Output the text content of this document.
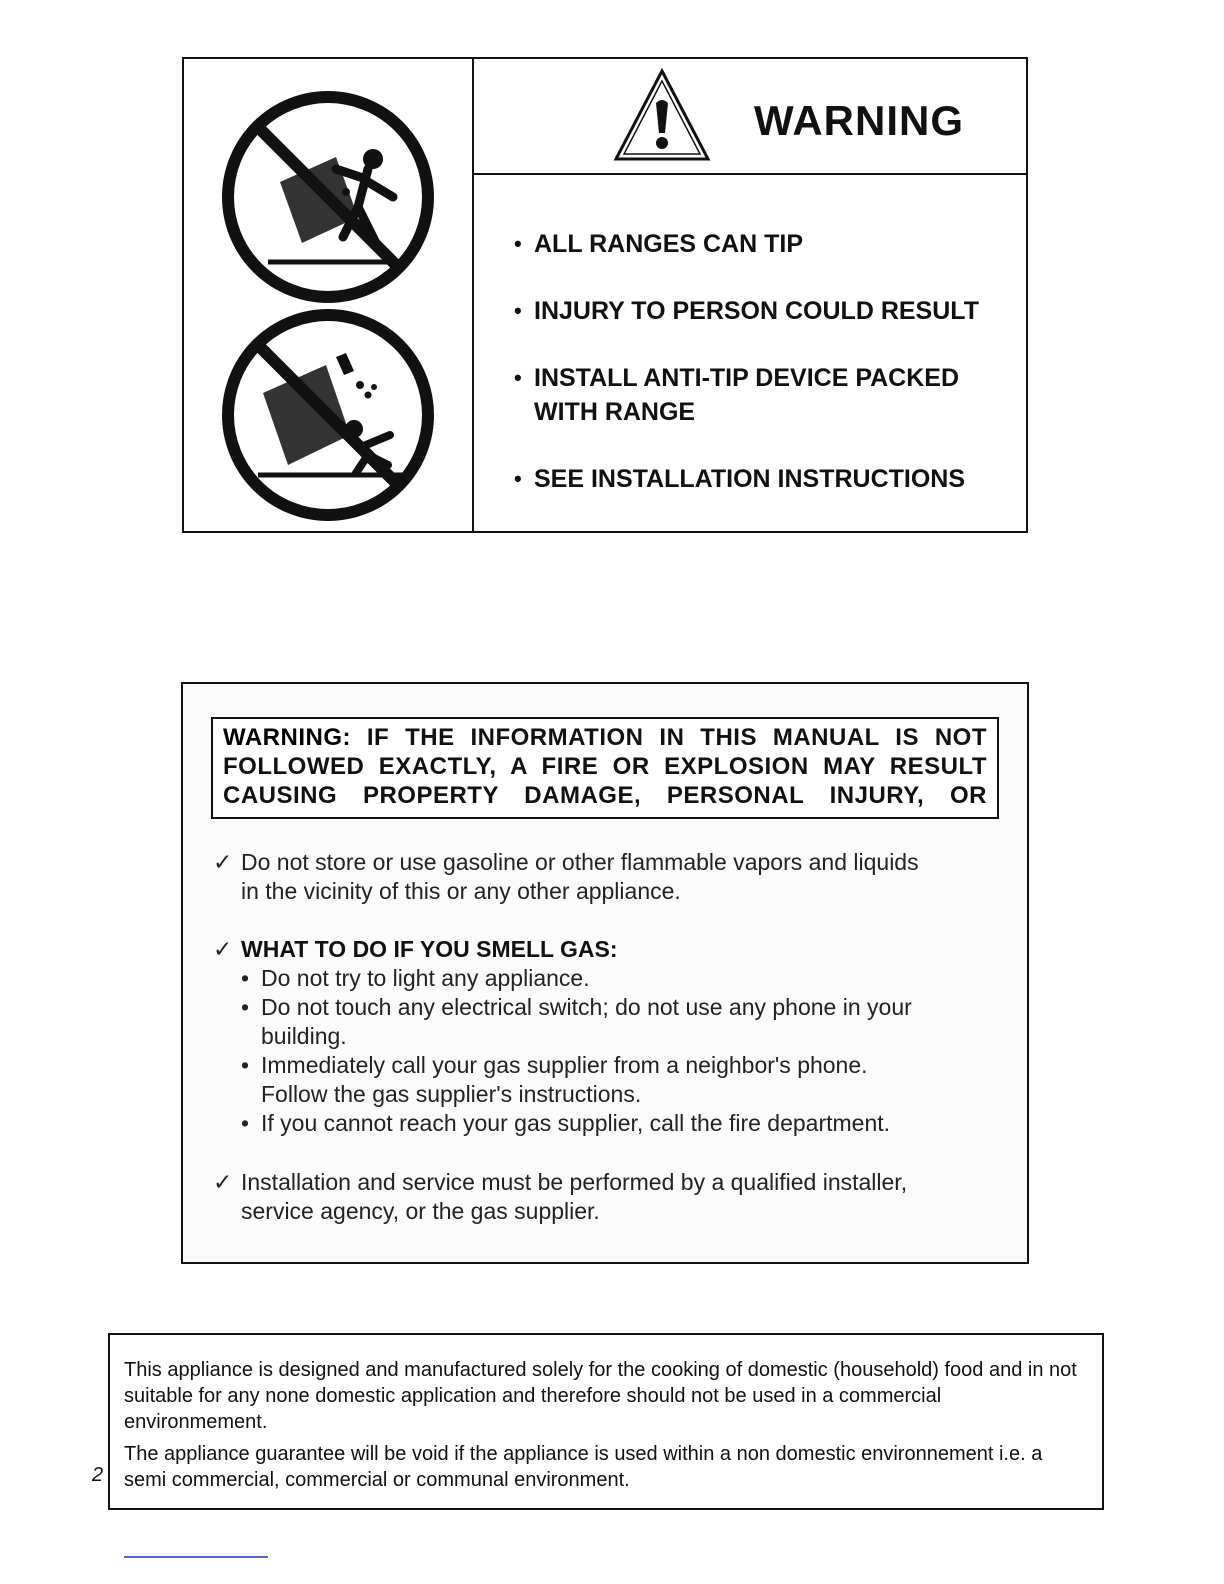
WARNING
• ALL RANGES CAN TIP
• INJURY TO PERSON COULD RESULT
• INSTALL ANTI-TIP DEVICE PACKED
WITH RANGE
• SEE INSTALLATION INSTRUCTIONS
WARNING: IF THE INFORMATION IN THIS MANUAL IS NOT
FOLLOWED EXACTLY, A FIRE OR EXPLOSION MAY RESULT
CAUSING PROPERTY DAMAGE, PERSONAL INJURY, OR
✓ Do not store or use gasoline or other flammable vapors and liquids
in the vicinity of this or any other appliance.
✓ WHAT TO DO IF YOU SMELL GAS:
• Do not try to light any appliance.
• Do not touch any electrical switch; do not use any phone in your
building.
• Immediately call your gas supplier from a neighbor's phone.
Follow the gas supplier's instructions.
• If you cannot reach your gas supplier, call the fire department.
✓ Installation and service must be performed by a qualified installer,
service agency, or the gas supplier.

This appliance is designed and manufactured solely for the cooking of domestic (household) food and in not suitable for any none domestic application and therefore should not be used in a commercial environmement.

The appliance guarantee will be void if the appliance is used within a non domestic environnement i.e. a semi commercial, commercial or communal environment.

2
